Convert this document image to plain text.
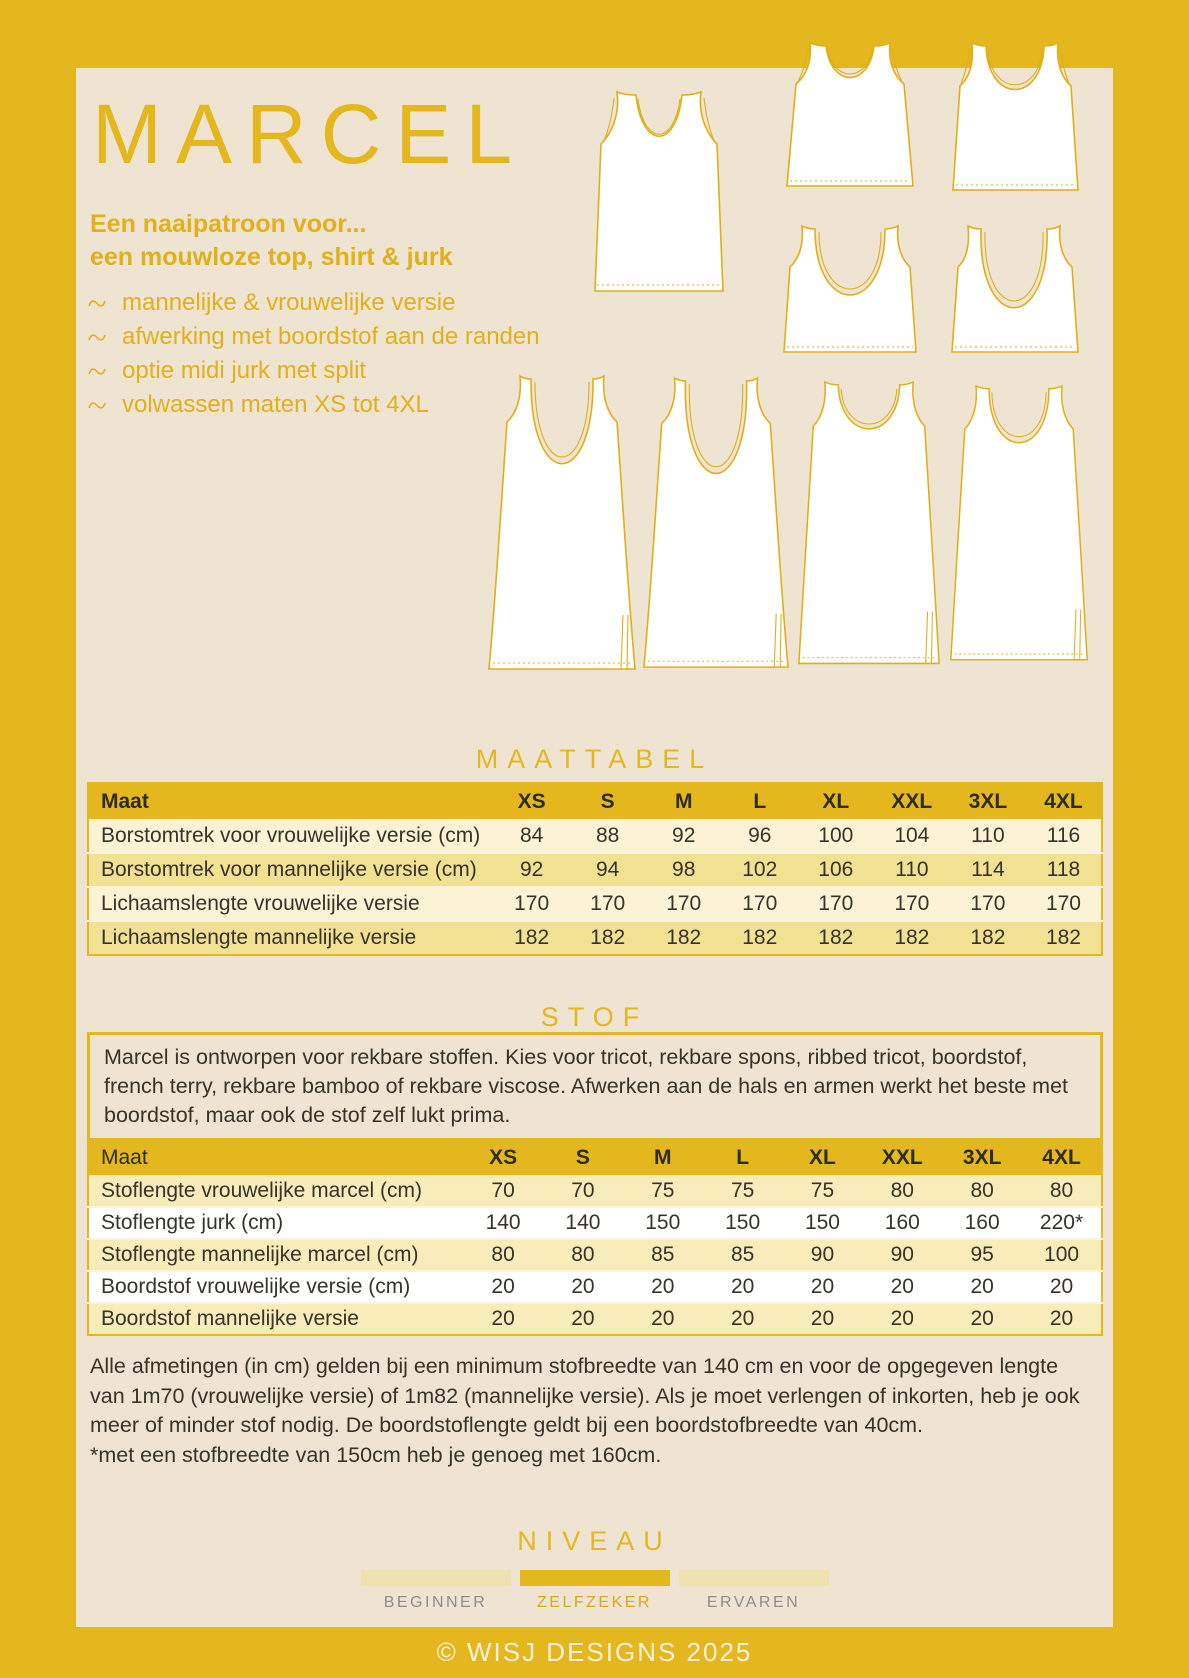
MARCEL
Een naaipatroon voor...
een mouwloze top, shirt & jurk
mannelijke & vrouwelijke versie
afwerking met boordstof aan de randen
optie midi jurk met split
volwassen maten XS tot 4XL
MAATTABEL
Maat	XS	S	M	L	XL	XXL	3XL	4XL
Borstomtrek voor vrouwelijke versie (cm)	84	88	92	96	100	104	110	116
Borstomtrek voor mannelijke versie (cm)	92	94	98	102	106	110	114	118
Lichaamslengte vrouwelijke versie	170	170	170	170	170	170	170	170
Lichaamslengte mannelijke versie	182	182	182	182	182	182	182	182
STOF
Marcel is ontworpen voor rekbare stoffen. Kies voor tricot, rekbare spons, ribbed tricot, boordstof, french terry, rekbare bamboo of rekbare viscose. Afwerken aan de hals en armen werkt het beste met boordstof, maar ook de stof zelf lukt prima.
Maat	XS	S	M	L	XL	XXL	3XL	4XL
Stoflengte vrouwelijke marcel (cm)	70	70	75	75	75	80	80	80
Stoflengte jurk (cm)	140	140	150	150	150	160	160	220*
Stoflengte mannelijke marcel (cm)	80	80	85	85	90	90	95	100
Boordstof vrouwelijke versie (cm)	20	20	20	20	20	20	20	20
Boordstof mannelijke versie	20	20	20	20	20	20	20	20

Alle afmetingen (in cm) gelden bij een minimum stofbreedte van 140 cm en voor de opgegeven lengte van 1m70 (vrouwelijke versie) of 1m82 (mannelijke versie). Als je moet verlengen of inkorten, heb je ook meer of minder stof nodig. De boordstoflengte geldt bij een boordstofbreedte van 40cm.

*met een stofbreedte van 150cm heb je genoeg met 160cm.

NIVEAU
BEGINNER	ZELFZEKER	ERVAREN
© WISJ DESIGNS 2025
